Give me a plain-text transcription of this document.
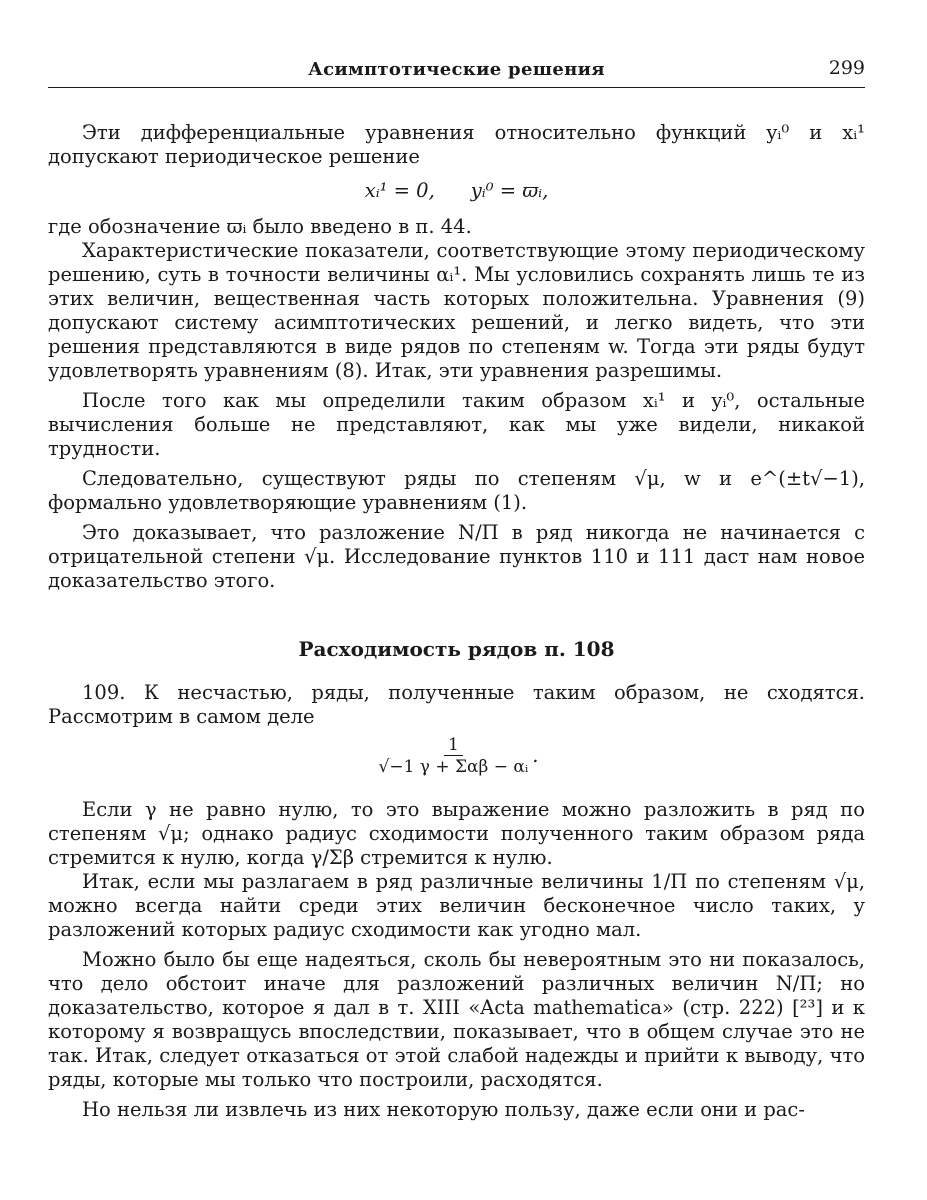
Асимптотические решения	299

Эти дифференциальные уравнения относительно функций yᵢ⁰ и xᵢ¹ допускают периодическое решение

xᵢ¹ = 0, yᵢ⁰ = ϖᵢ,

где обозначение ϖᵢ было введено в п. 44.

Характеристические показатели, соответствующие этому периодическому решению, суть в точности величины αᵢ¹. Мы условились сохранять лишь те из этих величин, вещественная часть которых положительна. Уравнения (9) допускают систему асимптотических решений, и легко видеть, что эти решения представляются в виде рядов по степеням w. Тогда эти ряды будут удовлетворять уравнениям (8). Итак, эти уравнения разрешимы.

После того как мы определили таким образом xᵢ¹ и yᵢ⁰, остальные вычисления больше не представляют, как мы уже видели, никакой трудности.

Следовательно, существуют ряды по степеням √μ, w и e^(±t√−1), формально удовлетворяющие уравнениям (1).

Это доказывает, что разложение N/Π в ряд никогда не начинается с отрицательной степени √μ. Исследование пунктов 110 и 111 даст нам новое доказательство этого.

Расходимость рядов п. 108

109. К несчастью, ряды, полученные таким образом, не сходятся. Рассмотрим в самом деле

$\frac{1}{\text{√−1 γ + Σαβ − αᵢ}}$ .

Если γ не равно нулю, то это выражение можно разложить в ряд по степеням √μ; однако радиус сходимости полученного таким образом ряда стремится к нулю, когда γ/Σβ стремится к нулю.

Итак, если мы разлагаем в ряд различные величины 1/Π по степеням √μ, можно всегда найти среди этих величин бесконечное число таких, у разложений которых радиус сходимости как угодно мал.

Можно было бы еще надеяться, сколь бы невероятным это ни показалось, что дело обстоит иначе для разложений различных величин N/Π; но доказательство, которое я дал в т. XIII «Acta mathematica» (стр. 222) [²³] и к которому я возвращусь впоследствии, показывает, что в общем случае это не так. Итак, следует отказаться от этой слабой надежды и прийти к выводу, что ряды, которые мы только что построили, расходятся.

Но нельзя ли извлечь из них некоторую пользу, даже если они и рас-
